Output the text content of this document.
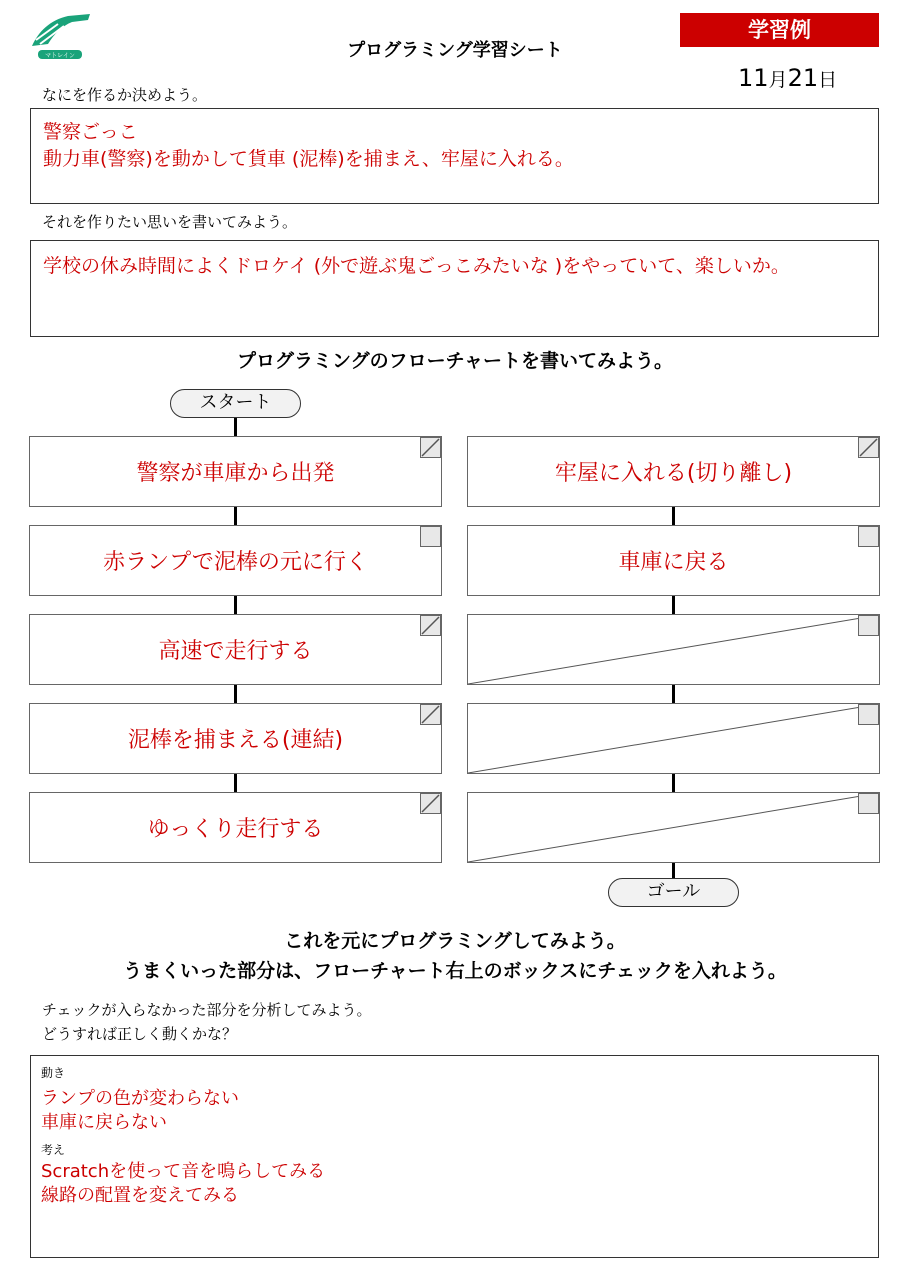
マトレイン	プログラミング学習シート
学習例
11月21日
なにを作るか決めよう。
警察ごっこ
動力車(警察)を動かして貨車 (泥棒)を捕まえ、牢屋に入れる。
それを作りたい思いを書いてみよう。
学校の休み時間によくドロケイ (外で遊ぶ鬼ごっこみたいな )をやっていて、楽しいか。
プログラミングのフローチャートを書いてみよう。
スタート
警察が車庫から出発
赤ランプで泥棒の元に行く
高速で走行する
泥棒を捕まえる(連結)
ゆっくり走行する
牢屋に入れる(切り離し)
車庫に戻る
ゴール
これを元にプログラミングしてみよう。
うまくいった部分は、フローチャート右上のボックスにチェックを入れよう。
チェックが入らなかった部分を分析してみよう。
どうすれば正しく動くかな？
動き
ランプの色が変わらない
車庫に戻らない
考え
Scratchを使って音を鳴らしてみる
線路の配置を変えてみる
